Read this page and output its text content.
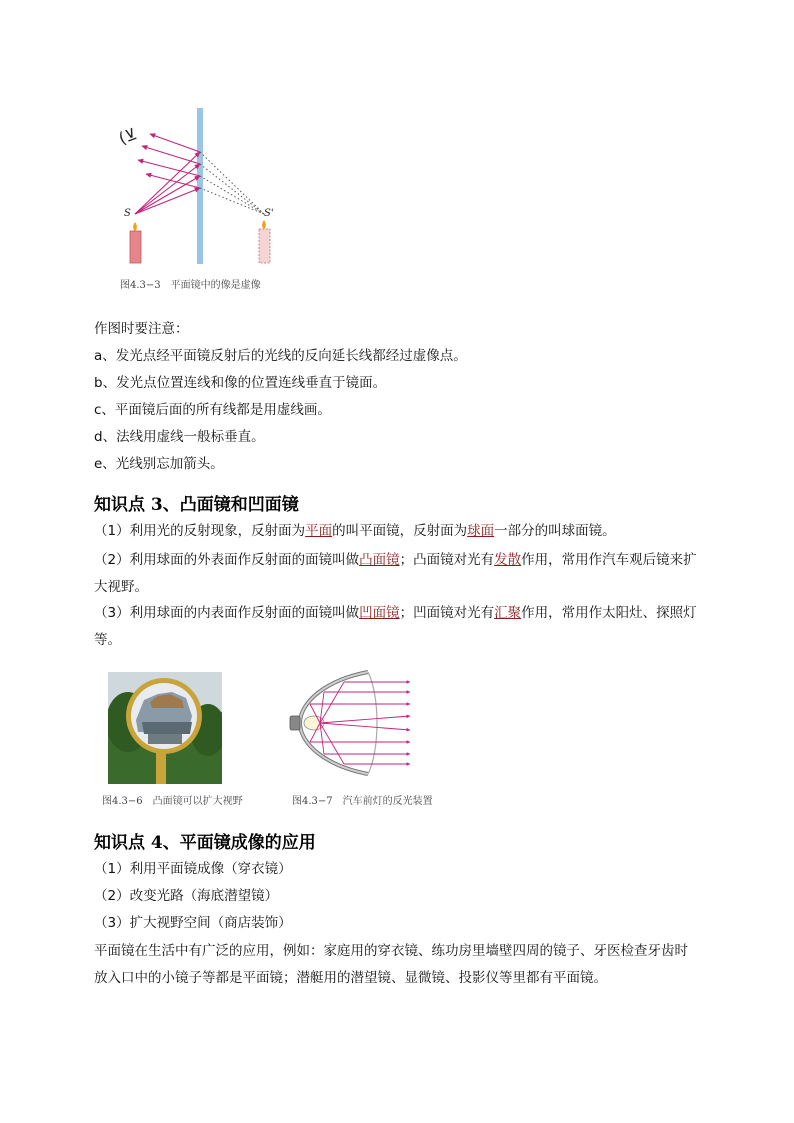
(⊻
S	S'
图4.3−3　平面镜中的像是虚像
作图时要注意：
a、发光点经平面镜反射后的光线的反向延长线都经过虚像点。
b、发光点位置连线和像的位置连线垂直于镜面。
c、平面镜后面的所有线都是用虚线画。
d、法线用虚线一般标垂直。
e、光线别忘加箭头。
知识点 3、凸面镜和凹面镜
（1）利用光的反射现象，反射面为平面的叫平面镜，反射面为球面一部分的叫球面镜。
（2）利用球面的外表面作反射面的面镜叫做凸面镜；凸面镜对光有发散作用，常用作汽车观后镜来扩大视野。
（3）利用球面的内表面作反射面的面镜叫做凹面镜；凹面镜对光有汇聚作用，常用作太阳灶、探照灯等。
图4.3−6　凸面镜可以扩大视野	图4.3−7　汽车前灯的反光装置
知识点 4、平面镜成像的应用
（1）利用平面镜成像（穿衣镜）
（2）改变光路（海底潜望镜）
（3）扩大视野空间（商店装饰）
平面镜在生活中有广泛的应用，例如：家庭用的穿衣镜、练功房里墙壁四周的镜子、牙医检查牙齿时放入口中的小镜子等都是平面镜；潜艇用的潜望镜、显微镜、投影仪等里都有平面镜。
